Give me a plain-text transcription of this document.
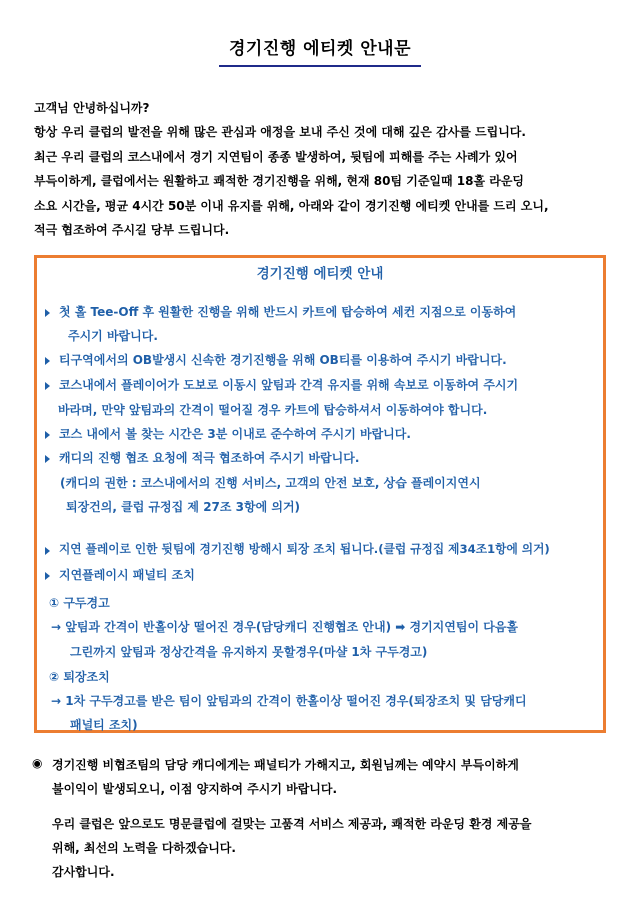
경기진행 에티켓 안내문

고객님 안녕하십니까?

항상 우리 클럽의 발전을 위해 많은 관심과 애정을 보내 주신 것에 대해 깊은 감사를 드립니다.

최근 우리 클럽의 코스내에서 경기 지연팀이 종종 발생하여, 뒷팀에 피해를 주는 사례가 있어

부득이하게, 클럽에서는 원활하고 쾌적한 경기진행을 위해, 현재 80팀 기준일때 18홀 라운딩

소요 시간을, 평균 4시간 50분 이내 유지를 위해, 아래와 같이 경기진행 에티켓 안내를 드리 오니,

적극 협조하여 주시길 당부 드립니다.

경기진행 에티켓 안내
첫 홀 Tee-Off 후 원활한 진행을 위해 반드시 카트에 탑승하여 세컨 지점으로 이동하여
주시기 바랍니다.
티구역에서의 OB발생시 신속한 경기진행을 위해 OB티를 이용하여 주시기 바랍니다.
코스내에서 플레이어가 도보로 이동시 앞팀과 간격 유지를 위해 속보로 이동하여 주시기
바라며, 만약 앞팀과의 간격이 떨어질 경우 카트에 탑승하셔서 이동하여야 합니다.
코스 내에서 볼 찾는 시간은 3분 이내로 준수하여 주시기 바랍니다.
캐디의 진행 협조 요청에 적극 협조하여 주시기 바랍니다.
(캐디의 권한 : 코스내에서의 진행 서비스, 고객의 안전 보호, 상습 플레이지연시
퇴장건의, 클럽 규정집 제 27조 3항에 의거)
지연 플레이로 인한 뒷팀에 경기진행 방해시 퇴장 조치 됩니다.(클럽 규정집 제34조1항에 의거)
지연플레이시 패널티 조치
① 구두경고
→ 앞팀과 간격이 반홀이상 떨어진 경우(담당캐디 진행협조 안내) ➡ 경기지연팀이 다음홀
그린까지 앞팀과 정상간격을 유지하지 못할경우(마샬 1차 구두경고)
② 퇴장조치
→ 1차 구두경고를 받은 팀이 앞팀과의 간격이 한홀이상 떨어진 경우(퇴장조치 및 담당캐디
패널티 조치)
◉ 경기진행 비협조팀의 담당 캐디에게는 패널티가 가해지고, 회원님께는 예약시 부득이하게
불이익이 발생되오니, 이점 양지하여 주시기 바랍니다.
우리 클럽은 앞으로도 명문클럽에 걸맞는 고품격 서비스 제공과, 쾌적한 라운딩 환경 제공을
위해, 최선의 노력을 다하겠습니다.
감사합니다.
